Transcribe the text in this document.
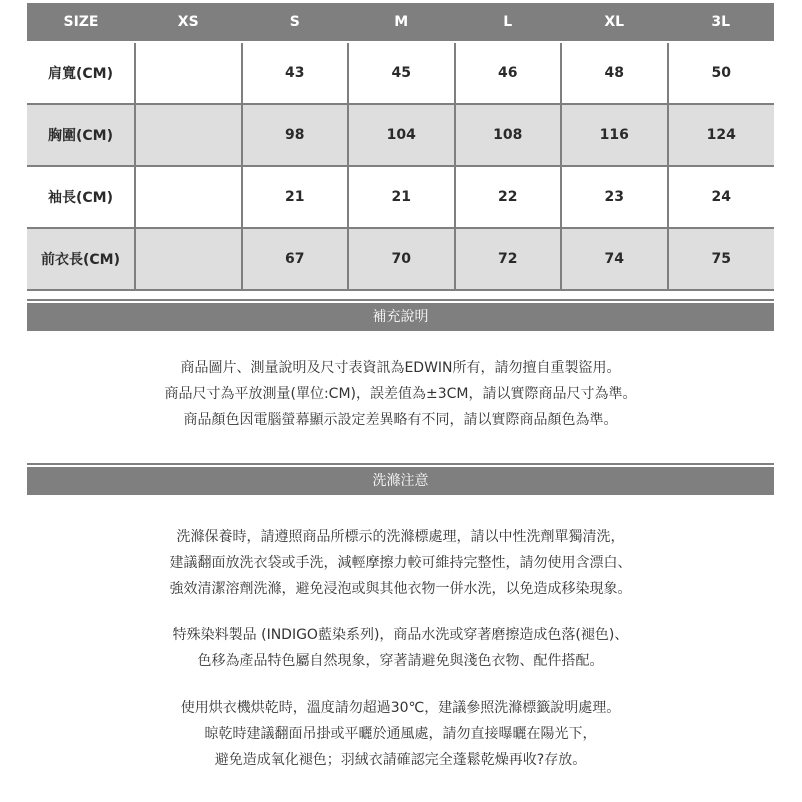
SIZE	XS	S	M	L	XL	3L
肩寬(CM)		43	45	46	48	50
胸圍(CM)		98	104	108	116	124
袖長(CM)		21	21	22	23	24
前衣長(CM)		67	70	72	74	75
補充說明

商品圖片、測量說明及尺寸表資訊為EDWIN所有，請勿擅自重製盜用。
商品尺寸為平放測量(單位:CM)，誤差值為±3CM，請以實際商品尺寸為準。
商品顏色因電腦螢幕顯示設定差異略有不同，請以實際商品顏色為準。

洗滌注意

洗滌保養時，請遵照商品所標示的洗滌標處理，請以中性洗劑單獨清洗，
建議翻面放洗衣袋或手洗，減輕摩擦力較可維持完整性，請勿使用含漂白、
強效清潔溶劑洗滌，避免浸泡或與其他衣物一併水洗，以免造成移染現象。

特殊染料製品 (INDIGO藍染系列)，商品水洗或穿著磨擦造成色落(褪色)、
色移為產品特色屬自然現象，穿著請避免與淺色衣物、配件搭配。

使用烘衣機烘乾時，溫度請勿超過30℃，建議參照洗滌標籤說明處理。
晾乾時建議翻面吊掛或平曬於通風處，請勿直接曝曬在陽光下，
避免造成氧化褪色；羽絨衣請確認完全蓬鬆乾燥再收?存放。
